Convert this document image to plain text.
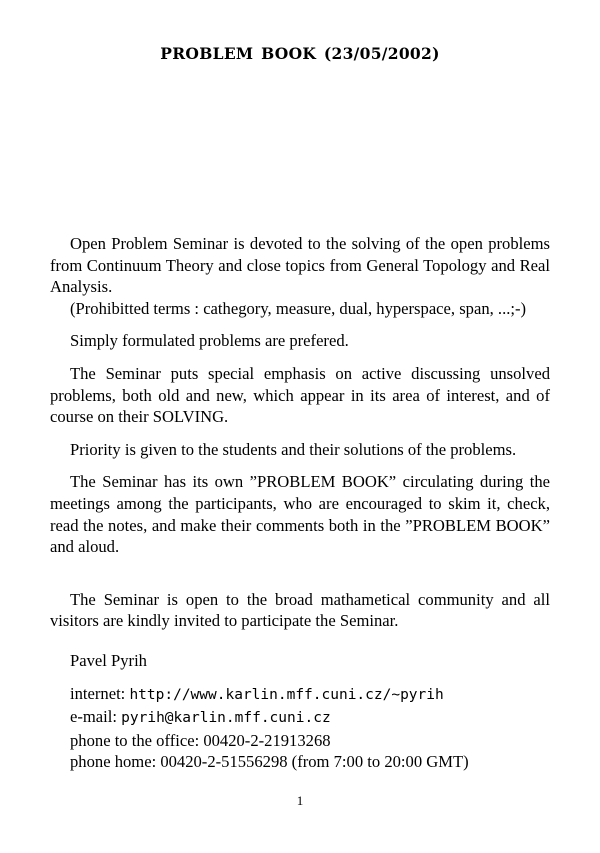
PROBLEM BOOK (23/05/2002)

Open Problem Seminar is devoted to the solving of the open problems from Continuum Theory and close topics from General Topology and Real Analysis.

(Prohibitted terms : cathegory, measure, dual, hyperspace, span, ...;-)

Simply formulated problems are prefered.

The Seminar puts special emphasis on active discussing unsolved problems, both old and new, which appear in its area of interest, and of course on their SOLVING.

Priority is given to the students and their solutions of the problems.

The Seminar has its own ”PROBLEM BOOK” circulating during the meetings among the participants, who are encouraged to skim it, check, read the notes, and make their comments both in the ”PROBLEM BOOK” and aloud.

The Seminar is open to the broad mathametical community and all visitors are kindly invited to participate the Seminar.

Pavel Pyrih
internet: http://www.karlin.mff.cuni.cz/~pyrih
e-mail: pyrih@karlin.mff.cuni.cz
phone to the office: 00420-2-21913268
phone home: 00420-2-51556298 (from 7:00 to 20:00 GMT)
1
